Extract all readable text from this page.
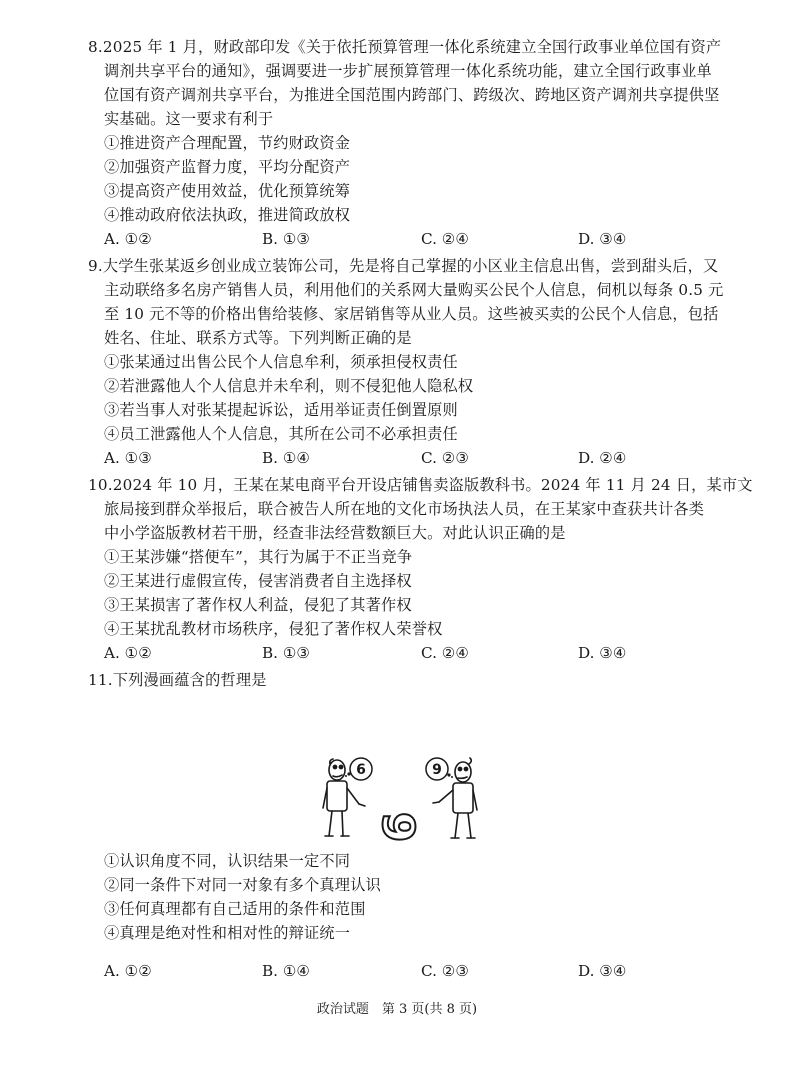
8.2025 年 1 月，财政部印发《关于依托预算管理一体化系统建立全国行政事业单位国有资产
调剂共享平台的通知》，强调要进一步扩展预算管理一体化系统功能，建立全国行政事业单
位国有资产调剂共享平台，为推进全国范围内跨部门、跨级次、跨地区资产调剂共享提供坚
实基础。这一要求有利于
①推进资产合理配置，节约财政资金
②加强资产监督力度，平均分配资产
③提高资产使用效益，优化预算统筹
④推动政府依法执政，推进简政放权
A. ①②	B. ①③	C. ②④	D. ③④
9.大学生张某返乡创业成立装饰公司，先是将自己掌握的小区业主信息出售，尝到甜头后，又
主动联络多名房产销售人员，利用他们的关系网大量购买公民个人信息，伺机以每条 0.5 元
至 10 元不等的价格出售给装修、家居销售等从业人员。这些被买卖的公民个人信息，包括
姓名、住址、联系方式等。下列判断正确的是
①张某通过出售公民个人信息牟利，须承担侵权责任
②若泄露他人个人信息并未牟利，则不侵犯他人隐私权
③若当事人对张某提起诉讼，适用举证责任倒置原则
④员工泄露他人个人信息，其所在公司不必承担责任
A. ①③	B. ①④	C. ②③	D. ②④
10.2024 年 10 月，王某在某电商平台开设店铺售卖盗版教科书。2024 年 11 月 24 日，某市文
旅局接到群众举报后，联合被告人所在地的文化市场执法人员，在王某家中查获共计各类
中小学盗版教材若干册，经查非法经营数额巨大。对此认识正确的是
①王某涉嫌“搭便车”，其行为属于不正当竞争
②王某进行虚假宣传，侵害消费者自主选择权
③王某损害了著作权人利益，侵犯了其著作权
④王某扰乱教材市场秩序，侵犯了著作权人荣誉权
A. ①②	B. ①③	C. ②④	D. ③④
11.下列漫画蕴含的哲理是
6	9
6
①认识角度不同，认识结果一定不同
②同一条件下对同一对象有多个真理认识
③任何真理都有自己适用的条件和范围
④真理是绝对性和相对性的辩证统一
A. ①②	B. ①④	C. ②③	D. ③④
政治试题　第 3 页(共 8 页)
